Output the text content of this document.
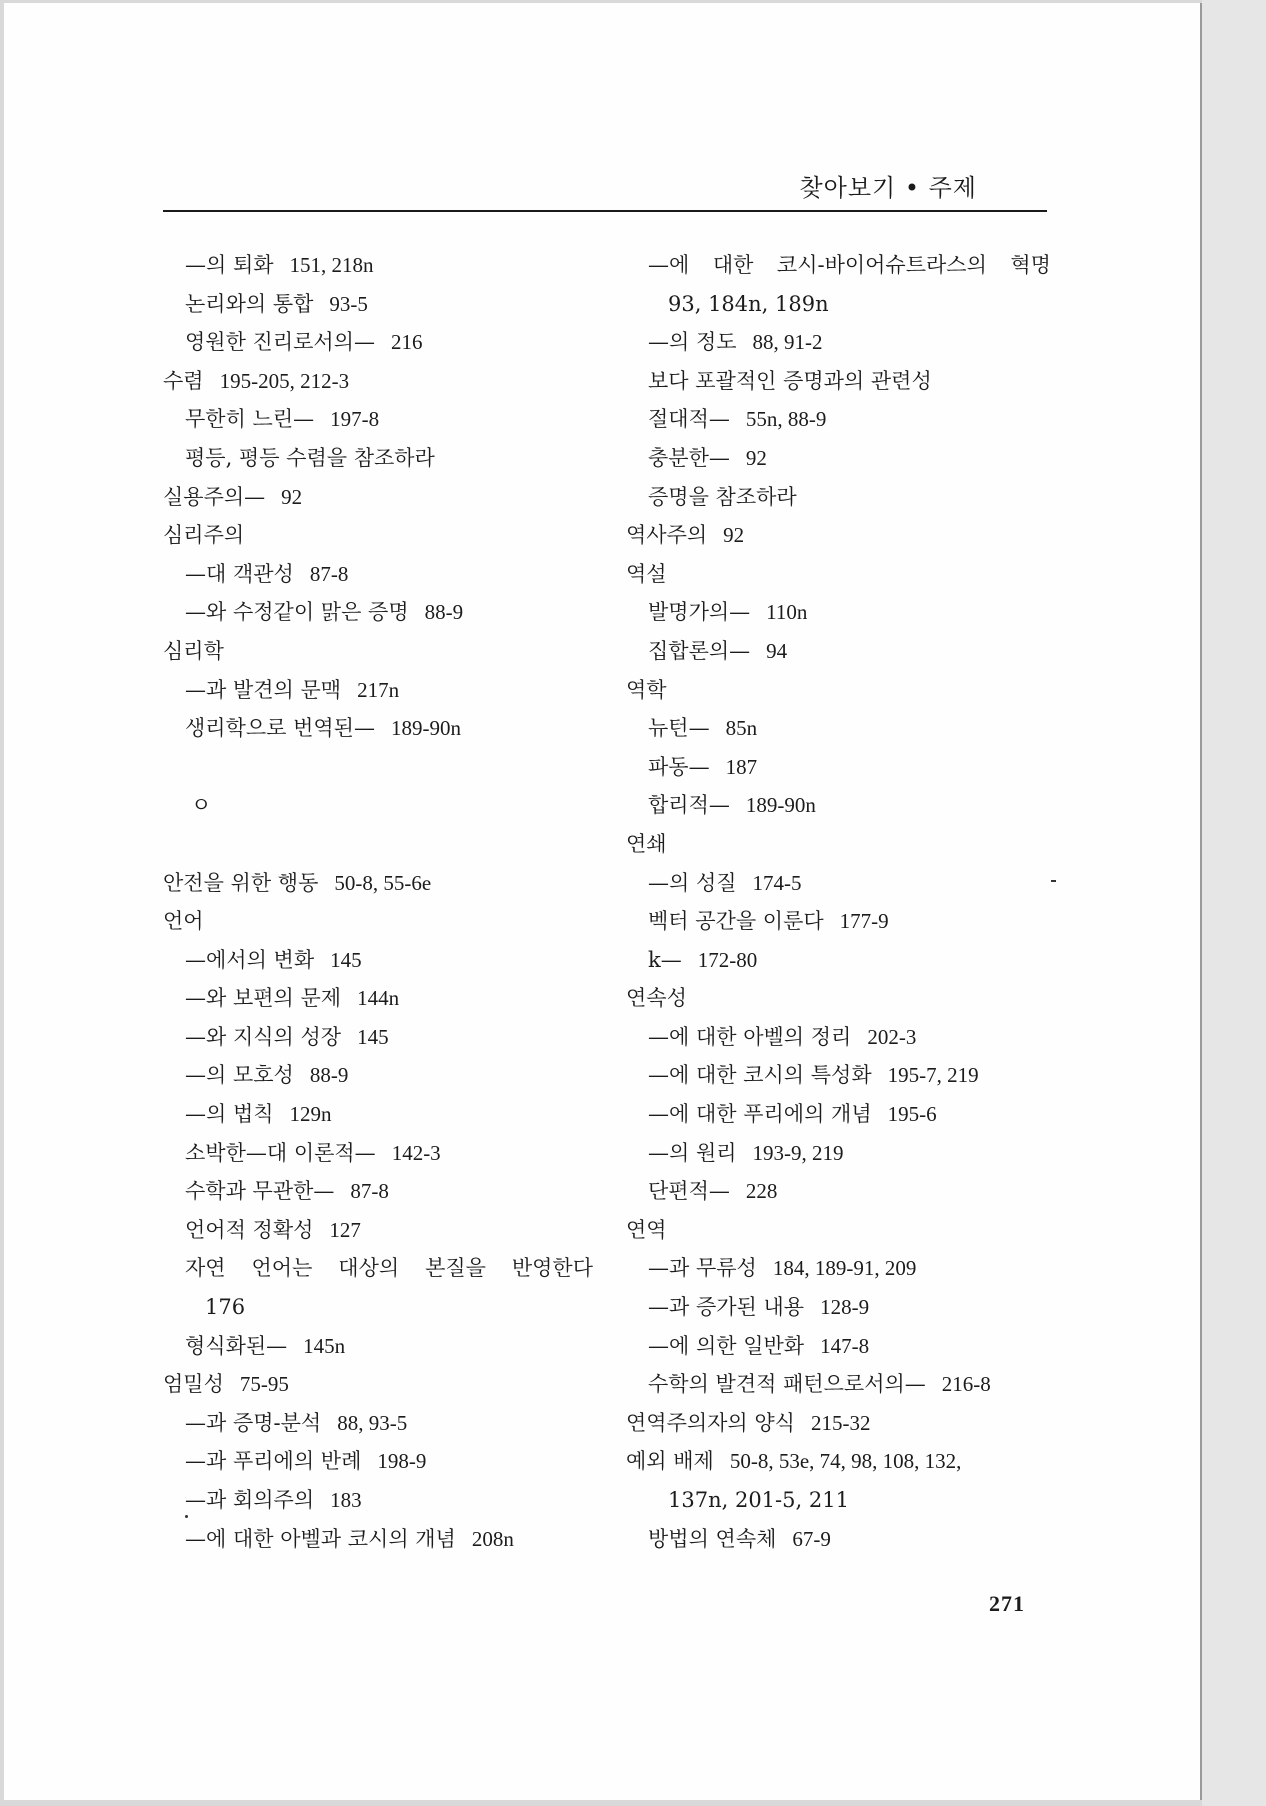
찾아보기 • 주제
—의 퇴화 151, 218n
논리와의 통합 93-5
영원한 진리로서의— 216
수렴 195-205, 212-3
무한히 느린— 197-8
평등, 평등 수렴을 참조하라
실용주의— 92
심리주의
—대 객관성 87-8
—와 수정같이 맑은 증명 88-9
심리학
—과 발견의 문맥 217n
생리학으로 번역된— 189-90n
ㅇ
안전을 위한 행동 50-8, 55-6e
언어
—에서의 변화 145
—와 보편의 문제 144n
—와 지식의 성장 145
—의 모호성 88-9
—의 법칙 129n
소박한—대 이론적— 142-3
수학과 무관한— 87-8
언어적 정확성 127
자연 언어는 대상의 본질을 반영한다
176
형식화된— 145n
엄밀성 75-95
—과 증명-분석 88, 93-5
—과 푸리에의 반례 198-9
—과 회의주의 183
—에 대한 아벨과 코시의 개념 208n
—에 대한 코시-바이어슈트라스의 혁명
93, 184n, 189n
—의 정도 88, 91-2
보다 포괄적인 증명과의 관련성
절대적— 55n, 88-9
충분한— 92
증명을 참조하라
역사주의 92
역설
발명가의— 110n
집합론의— 94
역학
뉴턴— 85n
파동— 187
합리적— 189-90n
연쇄
—의 성질 174-5
벡터 공간을 이룬다 177-9
k— 172-80
연속성
—에 대한 아벨의 정리 202-3
—에 대한 코시의 특성화 195-7, 219
—에 대한 푸리에의 개념 195-6
—의 원리 193-9, 219
단편적— 228
연역
—과 무류성 184, 189-91, 209
—과 증가된 내용 128-9
—에 의한 일반화 147-8
수학의 발견적 패턴으로서의— 216-8
연역주의자의 양식 215-32
예외 배제 50-8, 53e, 74, 98, 108, 132,
137n, 201-5, 211
방법의 연속체 67-9
271
